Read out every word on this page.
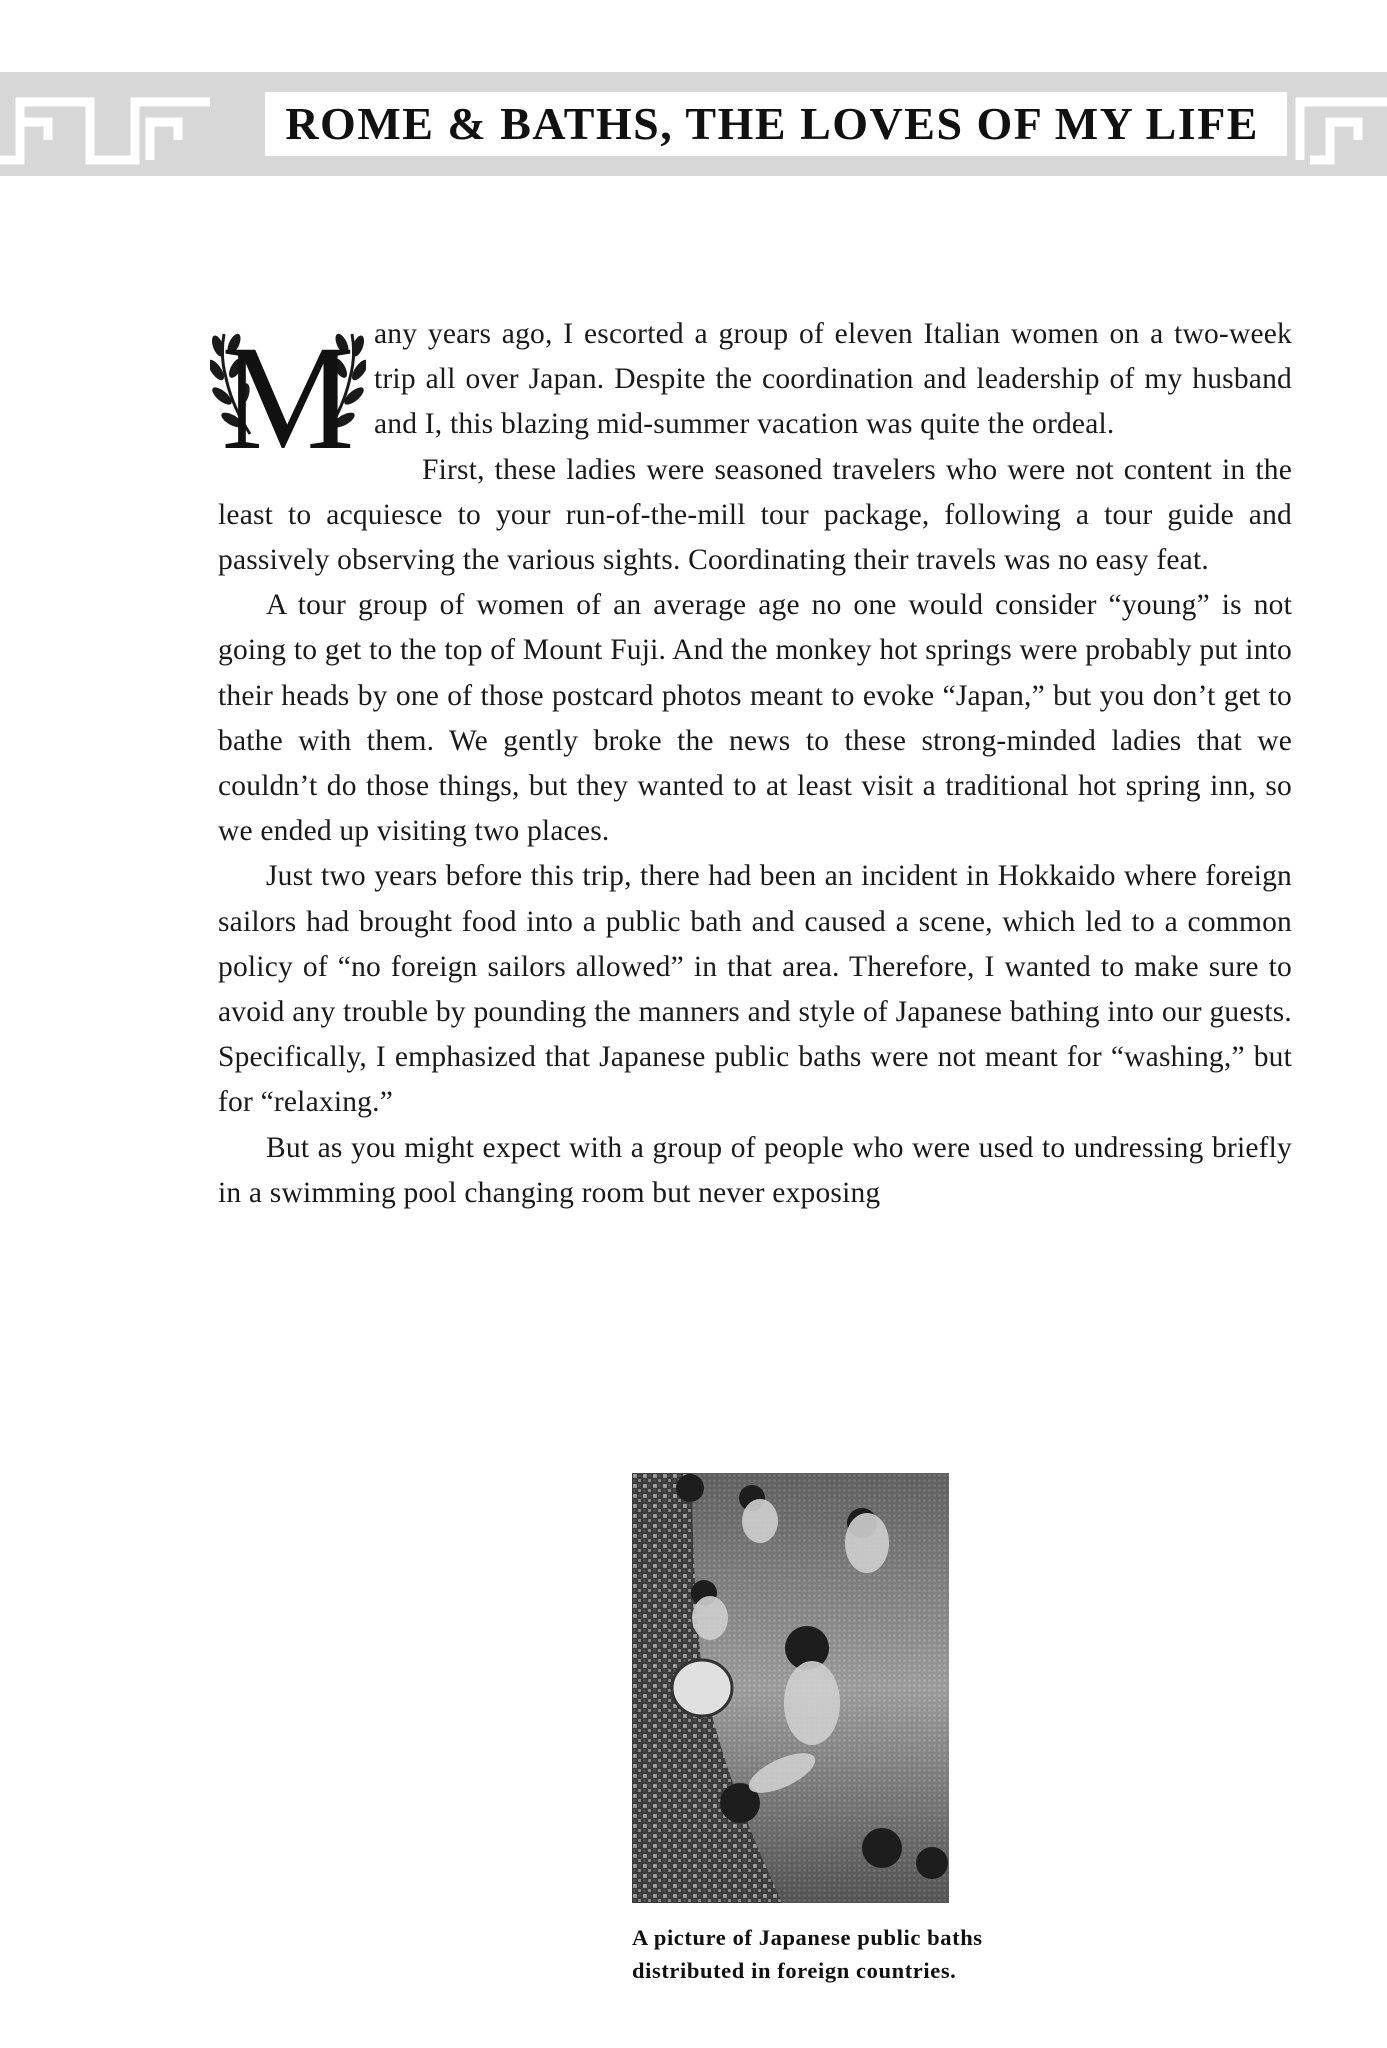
ROME & BATHS, THE LOVES OF MY LIFE

M any years ago, I escorted a group of eleven Italian women on a two-week trip all over Japan. Despite the coordination and leadership of my husband and I, this blazing mid-summer vacation was quite the ordeal.

First, these ladies were seasoned travelers who were not content in the least to acquiesce to your run-of-the-mill tour package, following a tour guide and passively observing the various sights. Coordinating their travels was no easy feat.

A tour group of women of an average age no one would consider “young” is not going to get to the top of Mount Fuji. And the monkey hot springs were probably put into their heads by one of those postcard photos meant to evoke “Japan,” but you don’t get to bathe with them. We gently broke the news to these strong-minded ladies that we couldn’t do those things, but they wanted to at least visit a traditional hot spring inn, so we ended up visiting two places.

Just two years before this trip, there had been an incident in Hokkaido where foreign sailors had brought food into a public bath and caused a scene, which led to a common policy of “no foreign sailors allowed” in that area. Therefore, I wanted to make sure to avoid any trouble by pounding the manners and style of Japanese bathing into our guests. Specifically, I emphasized that Japanese public baths were not meant for “washing,” but for “relaxing.”

But as you might expect with a group of people who were used to undressing briefly in a swimming pool changing room but never exposing

A picture of Japanese public baths
distributed in foreign countries.
